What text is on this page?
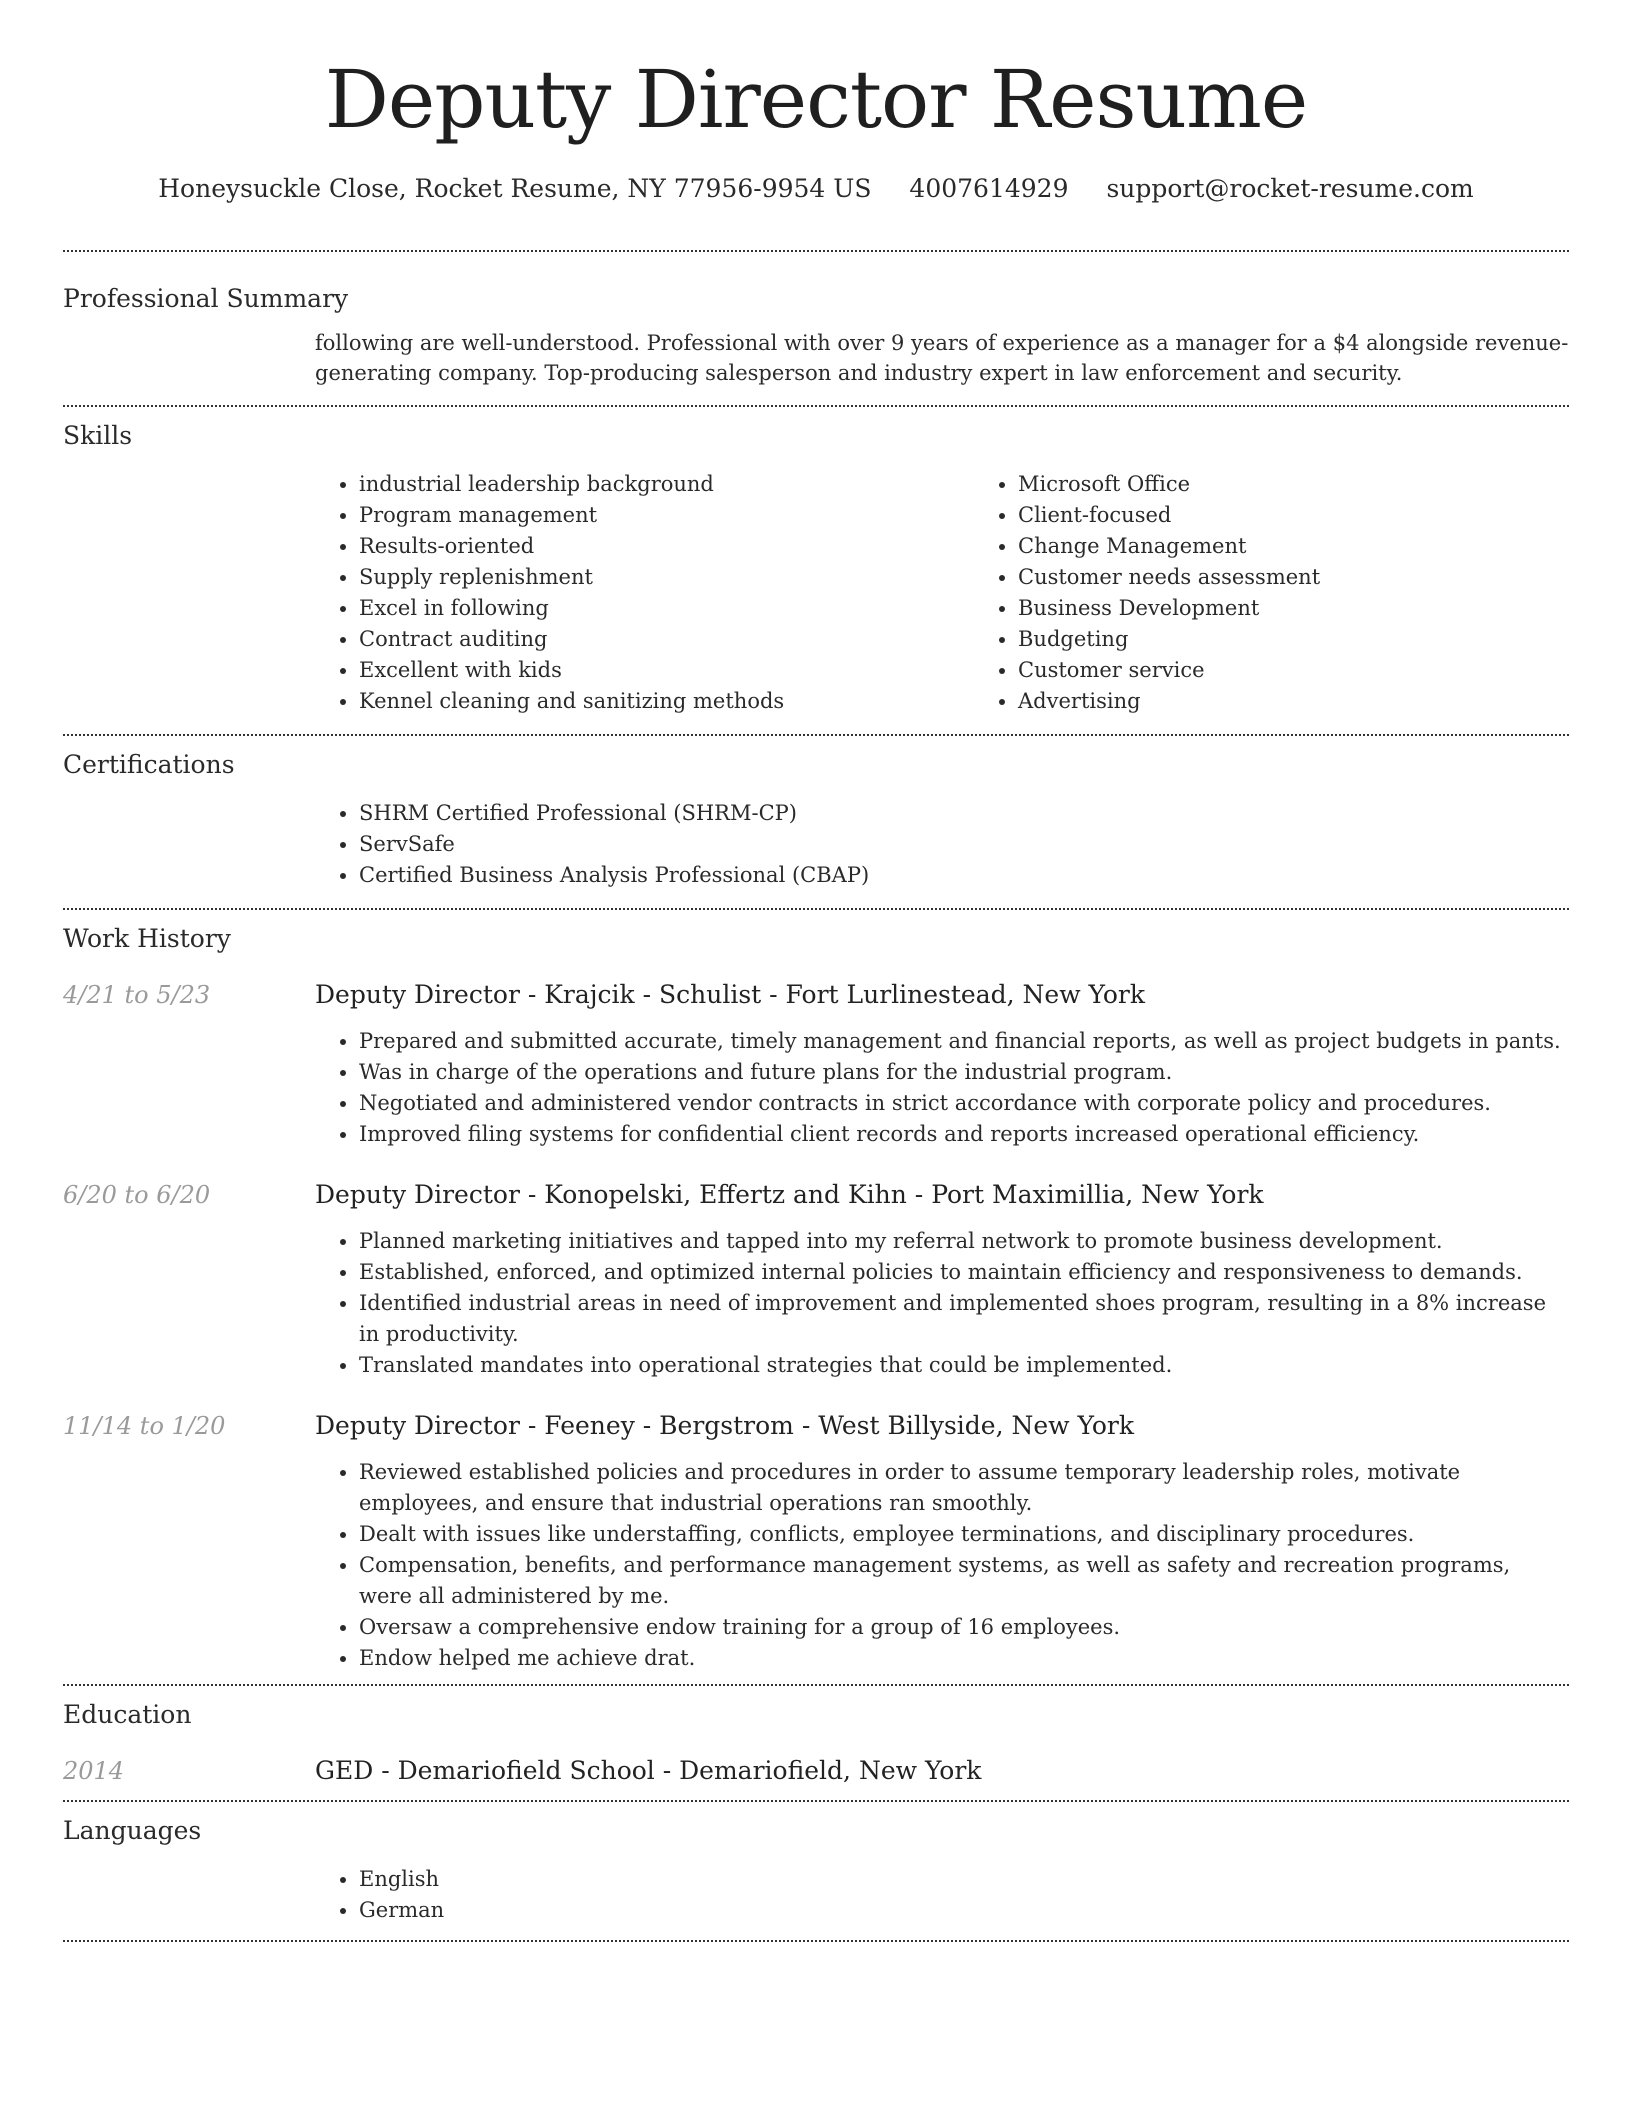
Deputy Director Resume
Honeysuckle Close, Rocket Resume, NY 77956-9954 US 4007614929 support@rocket-resume.com
Professional Summary

following are well-understood. Professional with over 9 years of experience as a manager for a $4 alongside revenue-generating company. Top-producing salesperson and industry expert in law enforcement and security.

Skills
• industrial leadership background
• Program management
• Results-oriented
• Supply replenishment
• Excel in following
• Contract auditing
• Excellent with kids
• Kennel cleaning and sanitizing methods
• Microsoft Office
• Client-focused
• Change Management
• Customer needs assessment
• Business Development
• Budgeting
• Customer service
• Advertising
Certifications
• SHRM Certified Professional (SHRM-CP)
• ServSafe
• Certified Business Analysis Professional (CBAP)
Work History
4/21 to 5/23	Deputy Director - Krajcik - Schulist - Fort Lurlinestead, New York
• Prepared and submitted accurate, timely management and financial reports, as well as project budgets in pants.
• Was in charge of the operations and future plans for the industrial program.
• Negotiated and administered vendor contracts in strict accordance with corporate policy and procedures.
• Improved filing systems for confidential client records and reports increased operational efficiency.
6/20 to 6/20	Deputy Director - Konopelski, Effertz and Kihn - Port Maximillia, New York
• Planned marketing initiatives and tapped into my referral network to promote business development.
• Established, enforced, and optimized internal policies to maintain efficiency and responsiveness to demands.
• Identified industrial areas in need of improvement and implemented shoes program, resulting in a 8% increase in productivity.
• Translated mandates into operational strategies that could be implemented.
11/14 to 1/20	Deputy Director - Feeney - Bergstrom - West Billyside, New York
• Reviewed established policies and procedures in order to assume temporary leadership roles, motivate employees, and ensure that industrial operations ran smoothly.
• Dealt with issues like understaffing, conflicts, employee terminations, and disciplinary procedures.
• Compensation, benefits, and performance management systems, as well as safety and recreation programs, were all administered by me.
• Oversaw a comprehensive endow training for a group of 16 employees.
• Endow helped me achieve drat.
Education
2014	GED - Demariofield School - Demariofield, New York
Languages
• English
• German
